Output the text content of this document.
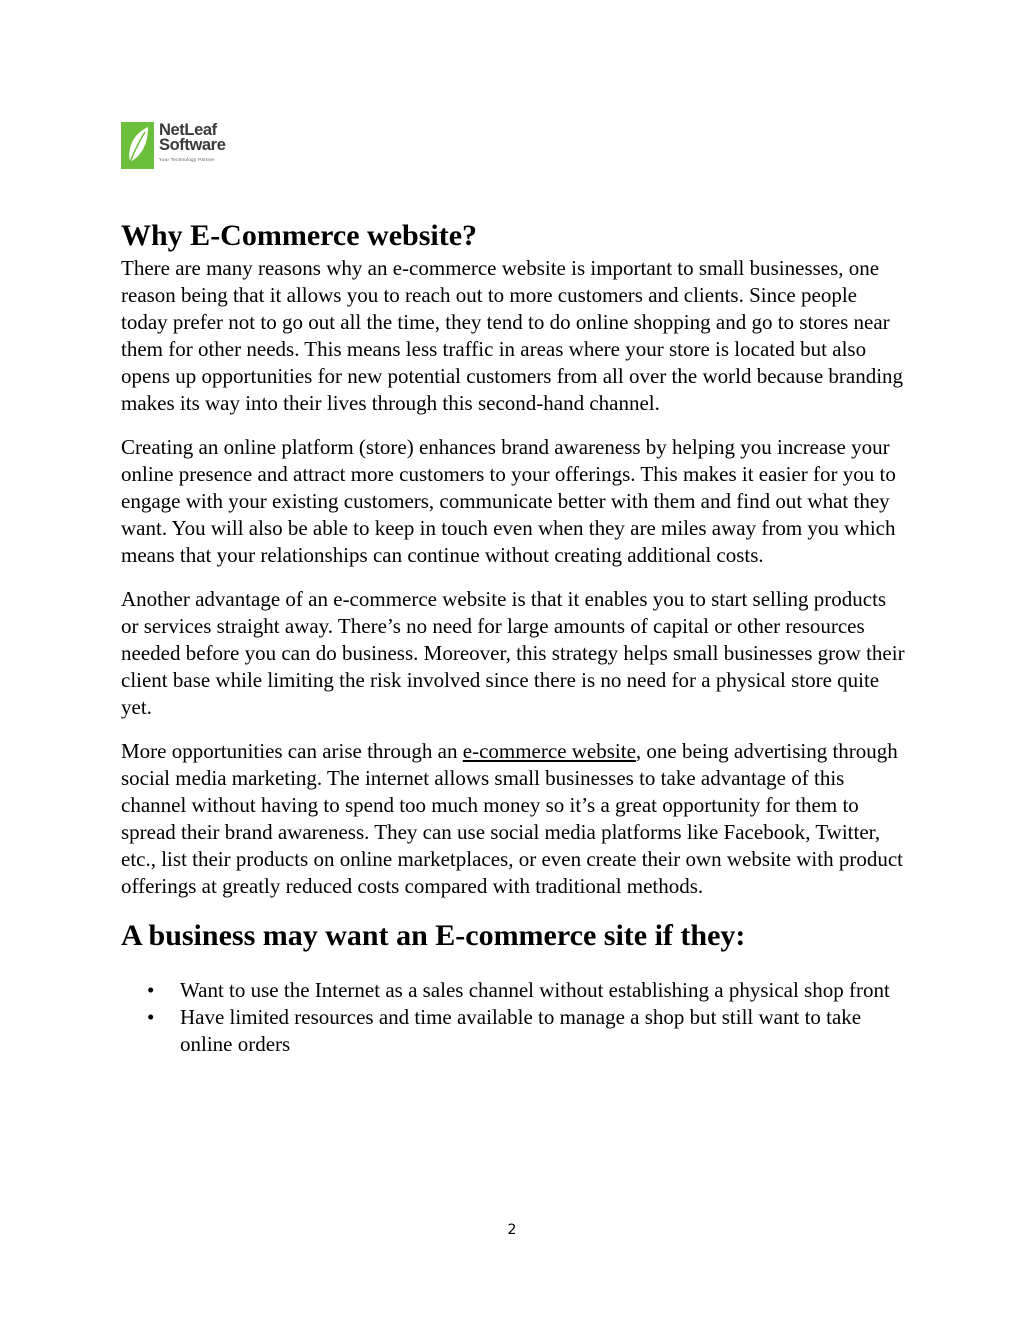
NetLeaf
Software
Your Technology Partner
Why E-Commerce website?

There are many reasons why an e-commerce website is important to small businesses, one reason being that it allows you to reach out to more customers and clients. Since people today prefer not to go out all the time, they tend to do online shopping and go to stores near them for other needs. This means less traffic in areas where your store is located but also opens up opportunities for new potential customers from all over the world because branding makes its way into their lives through this second-hand channel.

Creating an online platform (store) enhances brand awareness by helping you increase your online presence and attract more customers to your offerings. This makes it easier for you to engage with your existing customers, communicate better with them and find out what they want. You will also be able to keep in touch even when they are miles away from you which means that your relationships can continue without creating additional costs.

Another advantage of an e-commerce website is that it enables you to start selling products or services straight away. There’s no need for large amounts of capital or other resources needed before you can do business. Moreover, this strategy helps small businesses grow their client base while limiting the risk involved since there is no need for a physical store quite yet.

More opportunities can arise through an e-commerce website, one being advertising through social media marketing. The internet allows small businesses to take advantage of this channel without having to spend too much money so it’s a great opportunity for them to spread their brand awareness. They can use social media platforms like Facebook, Twitter, etc., list their products on online marketplaces, or even create their own website with product offerings at greatly reduced costs compared with traditional methods.

A business may want an E-commerce site if they:
• Want to use the Internet as a sales channel without establishing a physical shop front
• Have limited resources and time available to manage a shop but still want to take online orders
2
